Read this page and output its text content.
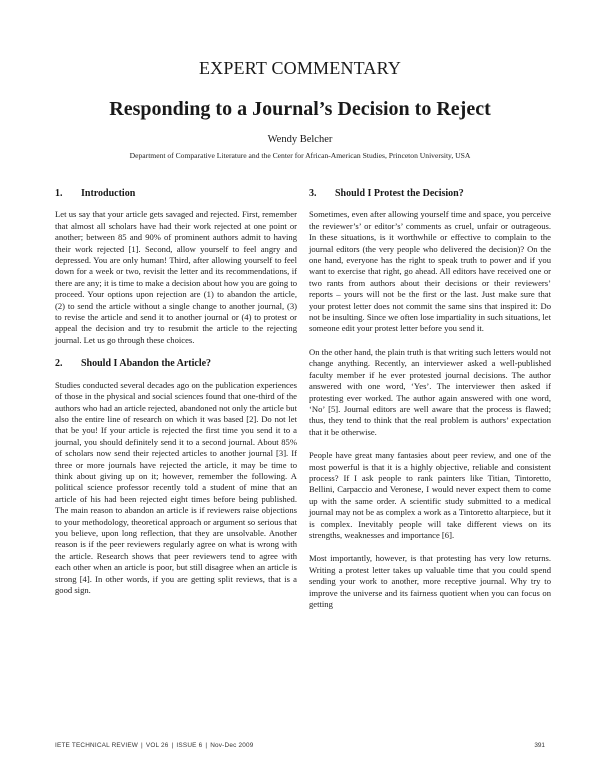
EXPERT COMMENTARY
Responding to a Journal’s Decision to Reject
Wendy Belcher
Department of Comparative Literature and the Center for African-American Studies, Princeton University, USA
1. Introduction

Let us say that your article gets savaged and rejected. First, remember that almost all scholars have had their work rejected at one point or another; between 85 and 90% of prominent authors admit to having their work rejected [1]. Second, allow yourself to feel angry and depressed. You are only human! Third, after allowing yourself to feel down for a week or two, revisit the letter and its recommendations, if there are any; it is time to make a decision about how you are going to proceed. Your options upon rejection are (1) to abandon the article, (2) to send the article without a single change to another journal, (3) to revise the article and send it to another journal or (4) to protest or appeal the decision and try to resubmit the article to the rejecting journal. Let us go through these choices.

2. Should I Abandon the Article?

Studies conducted several decades ago on the publication experiences of those in the physical and social sciences found that one-third of the authors who had an article rejected, abandoned not only the article but also the entire line of research on which it was based [2]. Do not let that be you! If your article is rejected the first time you send it to a journal, you should definitely send it to a second journal. About 85% of scholars now send their rejected articles to another journal [3]. If three or more journals have rejected the article, it may be time to think about giving up on it; however, remember the following. A political science professor recently told a student of mine that an article of his had been rejected eight times before being published. The main reason to abandon an article is if reviewers raise objections to your methodology, theoretical approach or argument so serious that you believe, upon long reflection, that they are unsolvable. Another reason is if the peer reviewers regularly agree on what is wrong with the article. Research shows that peer reviewers tend to agree with each other when an article is poor, but still disagree when an article is strong [4]. In other words, if you are getting split reviews, that is a good sign.

3. Should I Protest the Decision?

Sometimes, even after allowing yourself time and space, you perceive the reviewer’s’ or editor’s’ comments as cruel, unfair or outrageous. In these situations, is it worthwhile or effective to complain to the journal editors (the very people who delivered the decision)? On the one hand, everyone has the right to speak truth to power and if you want to exercise that right, go ahead. All editors have received one or two rants from authors about their decisions or their reviewers’ reports – yours will not be the first or the last. Just make sure that your protest letter does not commit the same sins that inspired it: Do not be insulting. Since we often lose impartiality in such situations, let someone edit your protest letter before you send it.

On the other hand, the plain truth is that writing such letters would not change anything. Recently, an interviewer asked a well-published faculty member if he ever protested journal decisions. The author answered with one word, ‘Yes’. The interviewer then asked if protesting ever worked. The author again answered with one word, ‘No’ [5]. Journal editors are well aware that the process is flawed; thus, they tend to think that the real problem is authors’ expectation that it be otherwise.

People have great many fantasies about peer review, and one of the most powerful is that it is a highly objective, reliable and consistent process? If I ask people to rank painters like Titian, Tintoretto, Bellini, Carpaccio and Veronese, I would never expect them to come up with the same order. A scientific study submitted to a medical journal may not be as complex a work as a Tintoretto altarpiece, but it is complex. Inevitably people will take different views on its strengths, weaknesses and importance [6].

Most importantly, however, is that protesting has very low returns. Writing a protest letter takes up valuable time that you could spend sending your work to another, more receptive journal. Why try to improve the universe and its fairness quotient when you can focus on getting

IETE TECHNICAL REVIEW | VOL 26 | ISSUE 6 | Nov-Dec 2009	391
